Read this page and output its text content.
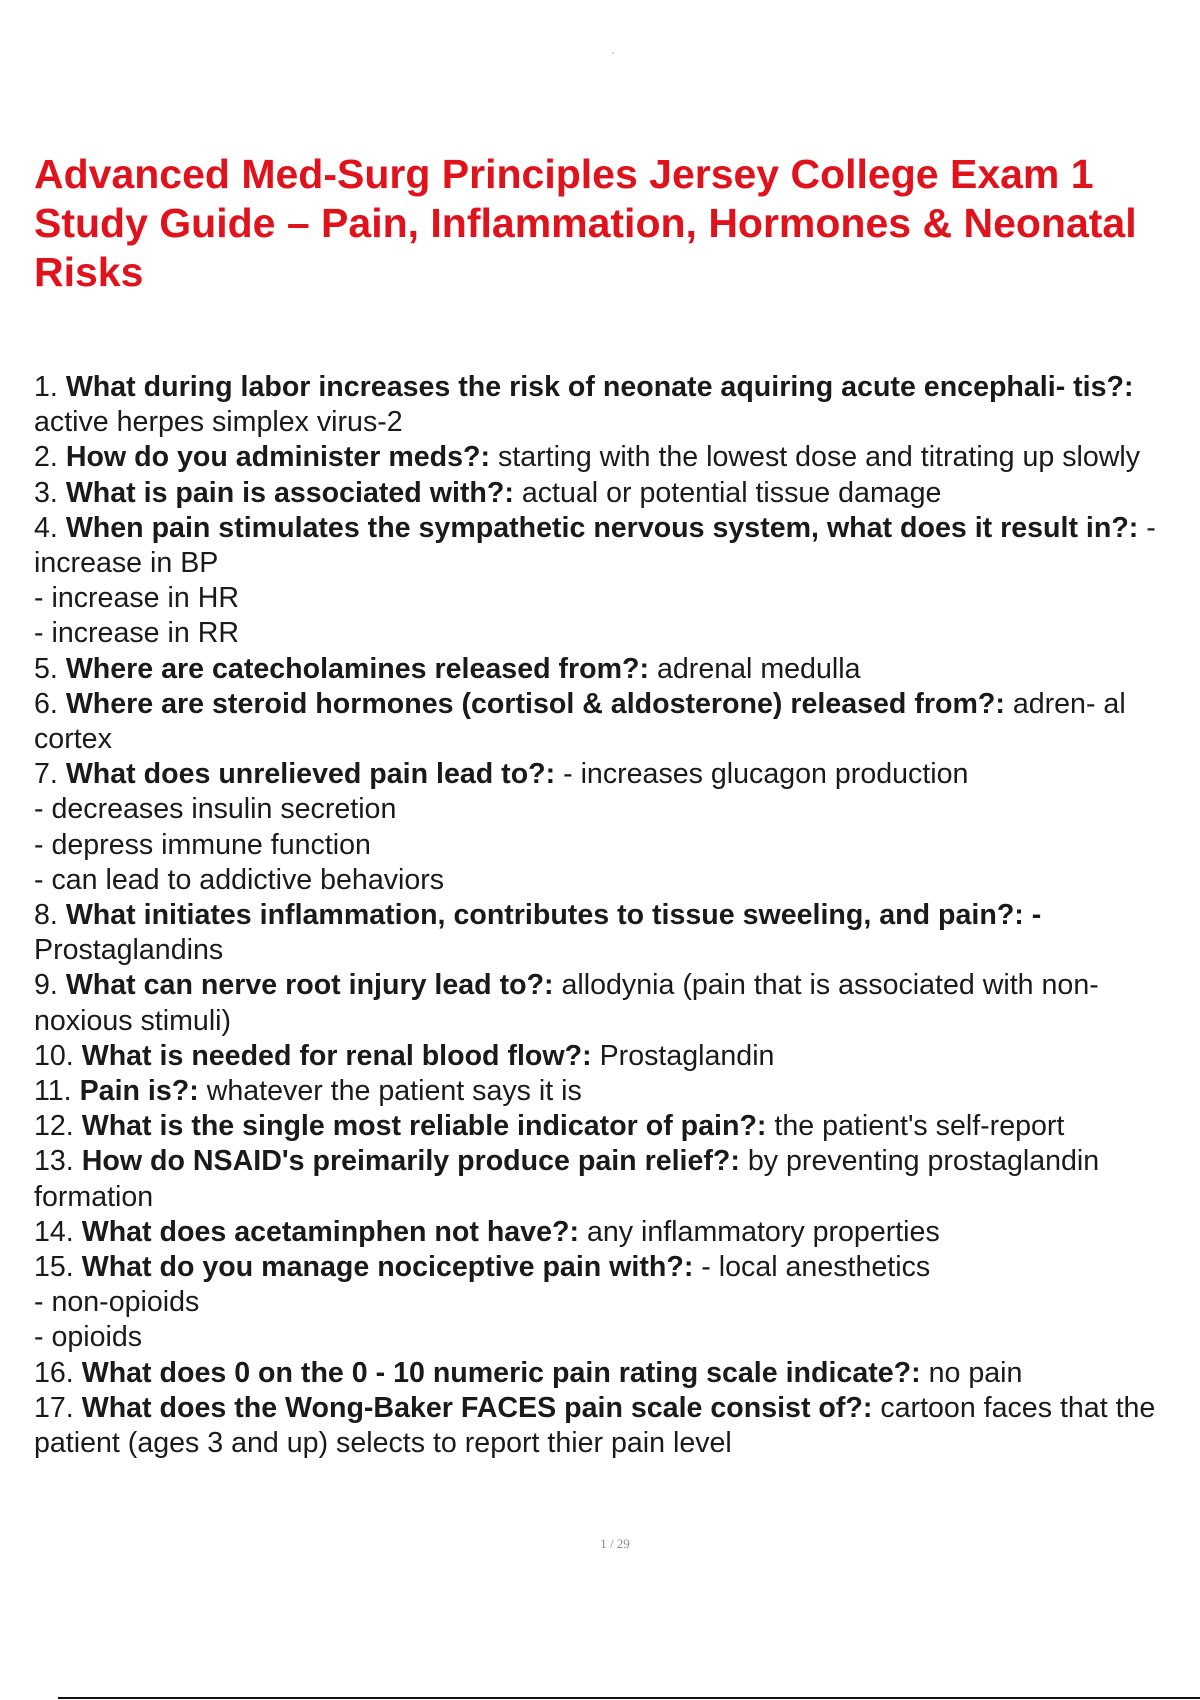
Advanced Med-Surg Principles Jersey College Exam 1 Study Guide – Pain, Inflammation, Hormones & Neonatal Risks
1. What during labor increases the risk of neonate aquiring acute encephali- tis?: active herpes simplex virus-2
2. How do you administer meds?: starting with the lowest dose and titrating up slowly
3. What is pain is associated with?: actual or potential tissue damage
4. When pain stimulates the sympathetic nervous system, what does it result in?: - increase in BP
- increase in HR
- increase in RR
5. Where are catecholamines released from?: adrenal medulla
6. Where are steroid hormones (cortisol & aldosterone) released from?: adren- al cortex
7. What does unrelieved pain lead to?: - increases glucagon production
- decreases insulin secretion
- depress immune function
- can lead to addictive behaviors
8. What initiates inflammation, contributes to tissue sweeling, and pain?: - Prostaglandins
9. What can nerve root injury lead to?: allodynia (pain that is associated with non-noxious stimuli)
10. What is needed for renal blood flow?: Prostaglandin
11. Pain is?: whatever the patient says it is
12. What is the single most reliable indicator of pain?: the patient's self-report
13. How do NSAID's preimarily produce pain relief?: by preventing prostaglandin formation
14. What does acetaminphen not have?: any inflammatory properties
15. What do you manage nociceptive pain with?: - local anesthetics
- non-opioids
- opioids
16. What does 0 on the 0 - 10 numeric pain rating scale indicate?: no pain
17. What does the Wong-Baker FACES pain scale consist of?: cartoon faces that the patient (ages 3 and up) selects to report thier pain level
1 / 29
